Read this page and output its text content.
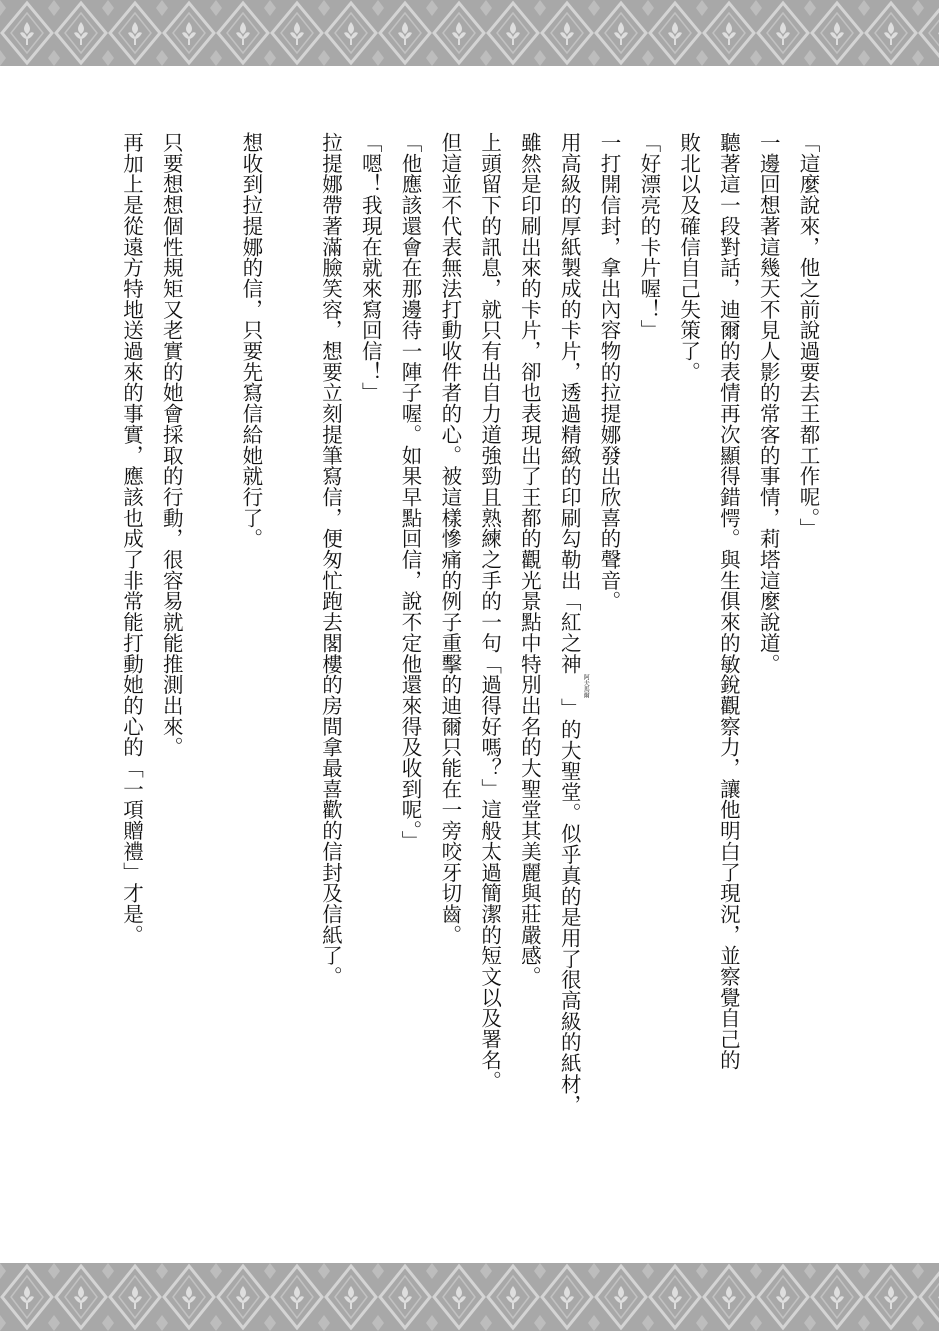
「這麼說來，他之前說過要去王都工作呢。」
一邊回想著這幾天不見人影的常客的事情，莉塔這麼說道。
聽著這一段對話，迪爾的表情再次顯得錯愕。與生俱來的敏銳觀察力，讓他明白了現況，並察覺自己的
敗北以及確信自己失策了。
「好漂亮的卡片喔！」
一打開信封，拿出內容物的拉提娜發出欣喜的聲音。
用高級的厚紙製成的卡片，透過精緻的印刷勾勒出「紅之神$^{阿夫馬爾}$」的大聖堂。似乎真的是用了很高級的紙材，
雖然是印刷出來的卡片，卻也表現出了王都的觀光景點中特別出名的大聖堂其美麗與莊嚴感。
上頭留下的訊息，就只有出自力道強勁且熟練之手的一句「過得好嗎？」這般太過簡潔的短文以及署名。
但這並不代表無法打動收件者的心。被這樣慘痛的例子重擊的迪爾只能在一旁咬牙切齒。
「他應該還會在那邊待一陣子喔。如果早點回信，說不定他還來得及收到呢。」
「嗯！我現在就來寫回信！」
拉提娜帶著滿臉笑容，想要立刻提筆寫信，便匆忙跑去閣樓的房間拿最喜歡的信封及信紙了。
想收到拉提娜的信，只要先寫信給她就行了。
只要想想個性規矩又老實的她會採取的行動，很容易就能推測出來。
再加上是從遠方特地送過來的事實，應該也成了非常能打動她的心的「一項贈禮」才是。
